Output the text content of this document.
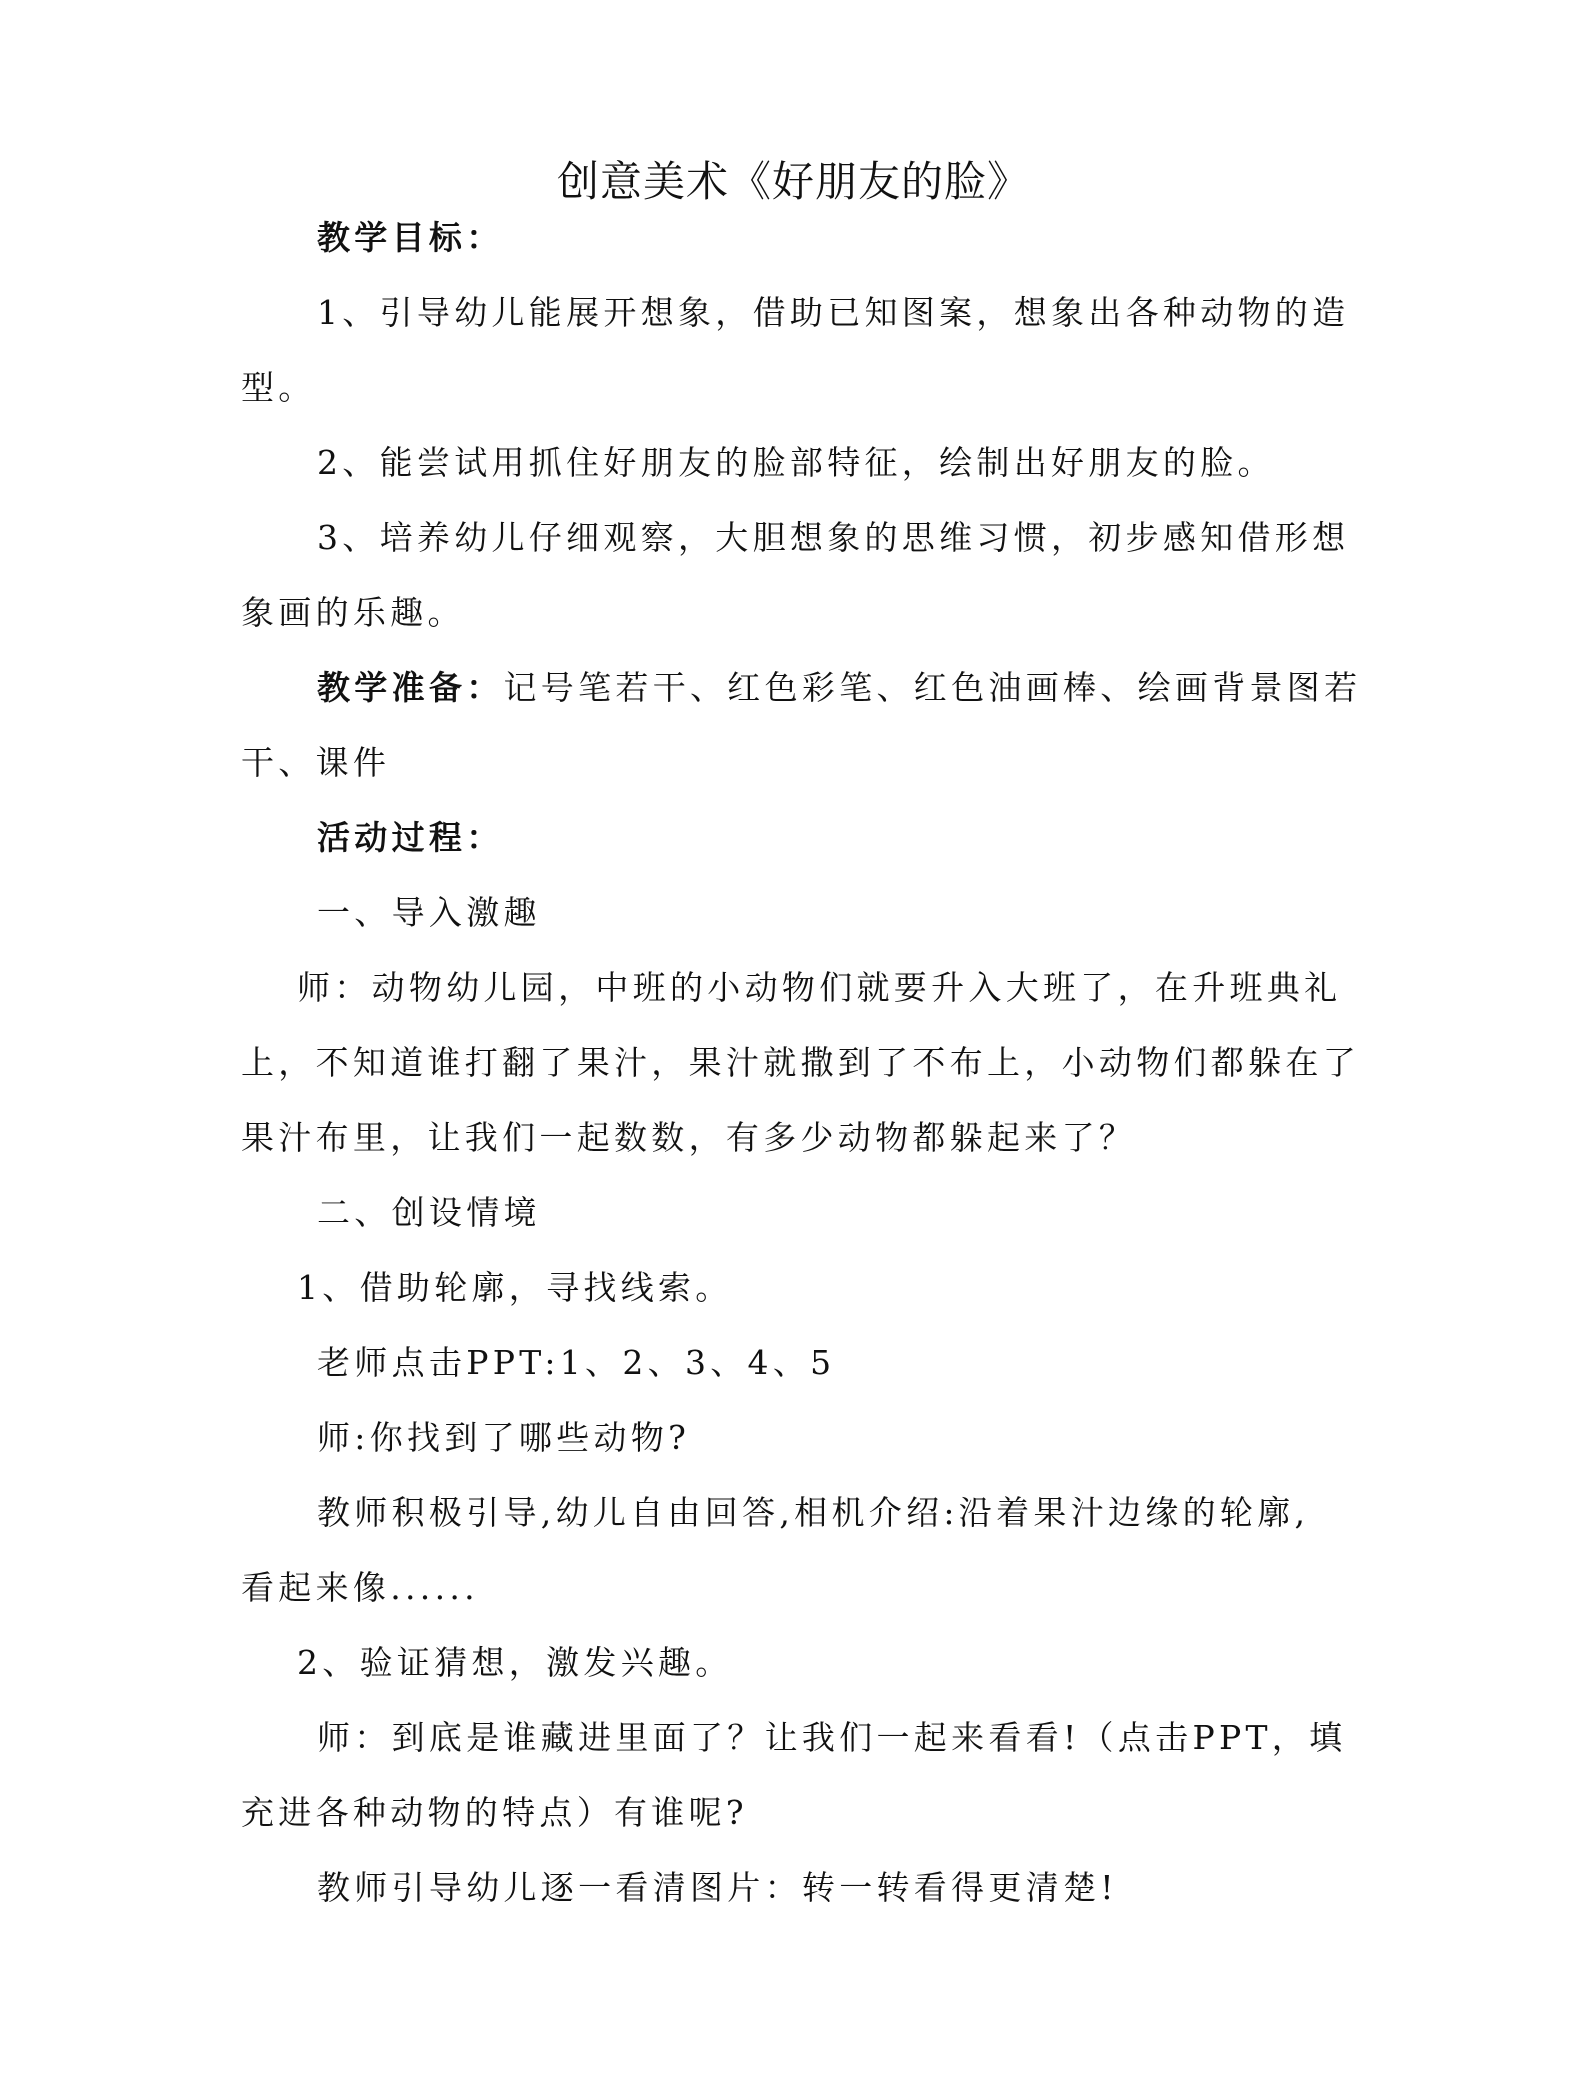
创意美术《好朋友的脸》
教学目标：
1、引导幼儿能展开想象，借助已知图案，想象出各种动物的造
型。
2、能尝试用抓住好朋友的脸部特征，绘制出好朋友的脸。
3、培养幼儿仔细观察，大胆想象的思维习惯，初步感知借形想
象画的乐趣。
教学准备：记号笔若干、红色彩笔、红色油画棒、绘画背景图若
干、课件
活动过程：
一、导入激趣
师：动物幼儿园，中班的小动物们就要升入大班了，在升班典礼
上，不知道谁打翻了果汁，果汁就撒到了不布上，小动物们都躲在了
果汁布里，让我们一起数数，有多少动物都躲起来了？
二、创设情境
1、借助轮廓，寻找线索。
老师点击PPT:1、2、3、4、5
师:你找到了哪些动物?
教师积极引导,幼儿自由回答,相机介绍:沿着果汁边缘的轮廓,
看起来像......
2、验证猜想，激发兴趣。
师：到底是谁藏进里面了？让我们一起来看看!（点击PPT，填
充进各种动物的特点）有谁呢?
教师引导幼儿逐一看清图片：转一转看得更清楚!
